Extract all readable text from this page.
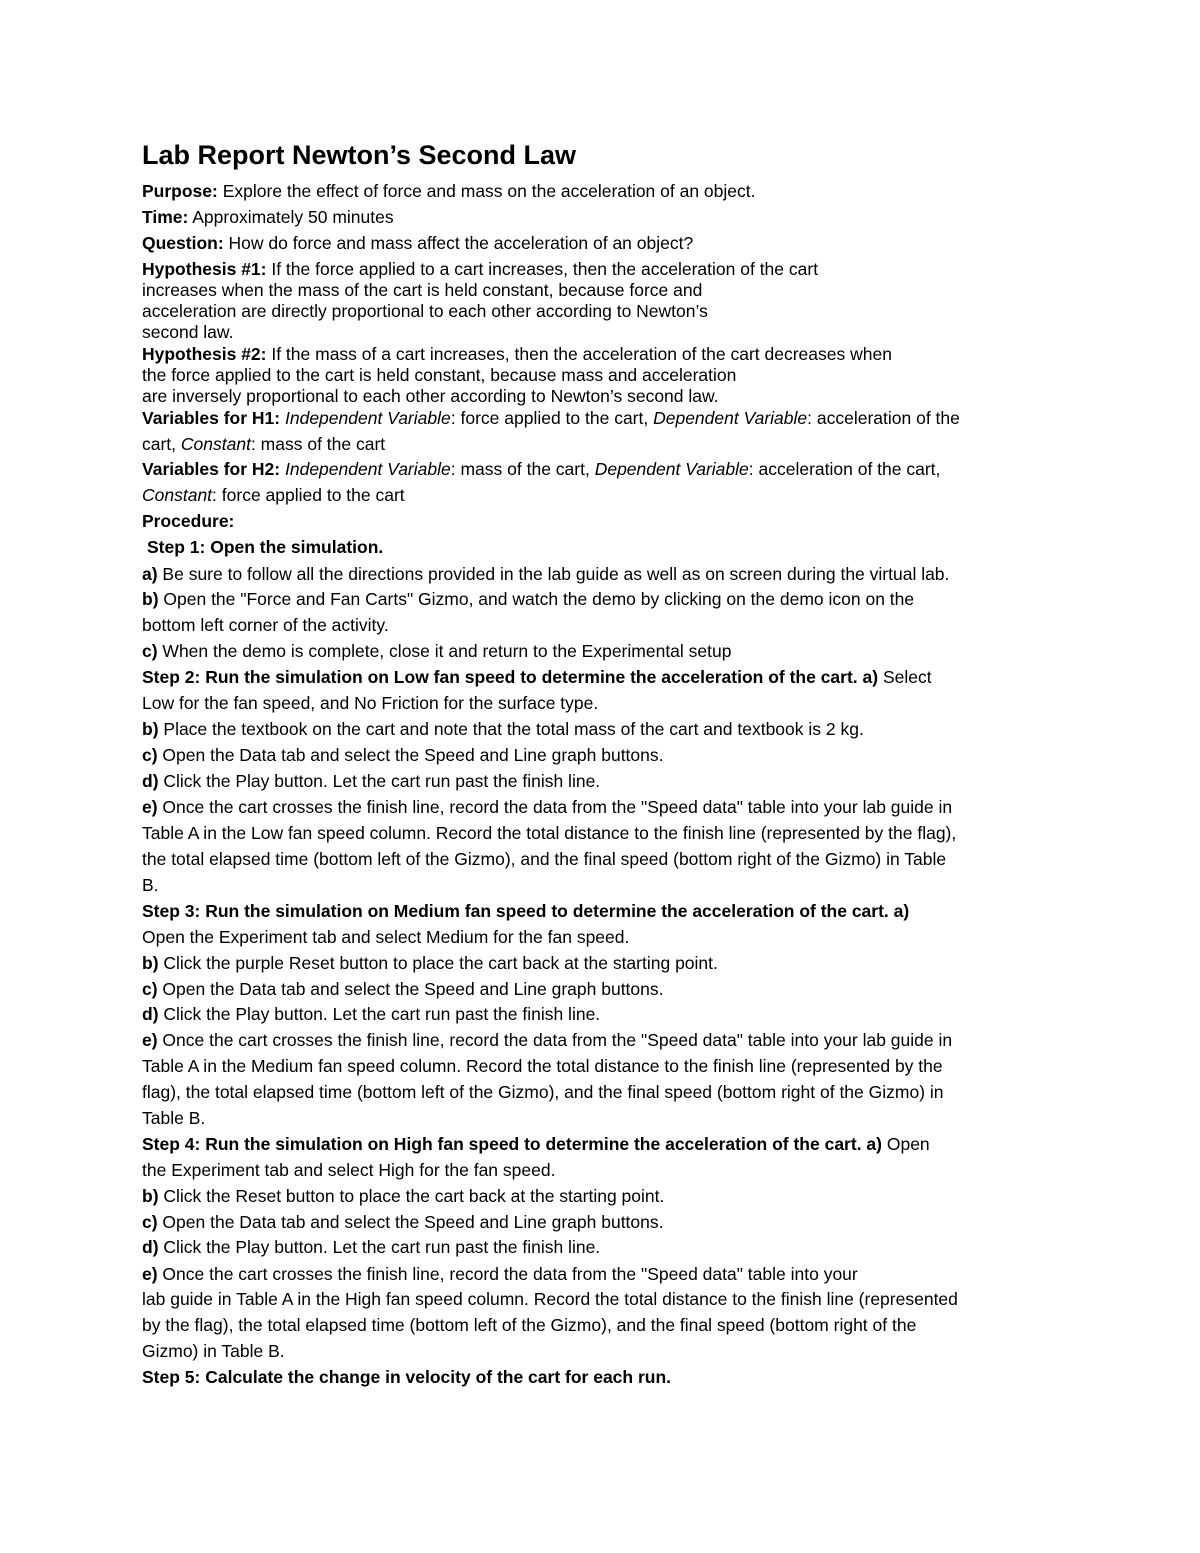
Lab Report Newton’s Second Law
Purpose: Explore the effect of force and mass on the acceleration of an object.
Time: Approximately 50 minutes
Question: How do force and mass affect the acceleration of an object?
Hypothesis #1: If the force applied to a cart increases, then the acceleration of the cart
increases when the mass of the cart is held constant, because force and
acceleration are directly proportional to each other according to Newton’s
second law.
Hypothesis #2: If the mass of a cart increases, then the acceleration of the cart decreases when
the force applied to the cart is held constant, because mass and acceleration
are inversely proportional to each other according to Newton’s second law.
Variables for H1: Independent Variable: force applied to the cart, Dependent Variable: acceleration of the
cart, Constant: mass of the cart
Variables for H2: Independent Variable: mass of the cart, Dependent Variable: acceleration of the cart,
Constant: force applied to the cart
Procedure:
Step 1: Open the simulation.
a) Be sure to follow all the directions provided in the lab guide as well as on screen during the virtual lab.
b) Open the "Force and Fan Carts" Gizmo, and watch the demo by clicking on the demo icon on the
bottom left corner of the activity.
c) When the demo is complete, close it and return to the Experimental setup
Step 2: Run the simulation on Low fan speed to determine the acceleration of the cart. a) Select
Low for the fan speed, and No Friction for the surface type.
b) Place the textbook on the cart and note that the total mass of the cart and textbook is 2 kg.
c) Open the Data tab and select the Speed and Line graph buttons.
d) Click the Play button. Let the cart run past the finish line.
e) Once the cart crosses the finish line, record the data from the "Speed data" table into your lab guide in
Table A in the Low fan speed column. Record the total distance to the finish line (represented by the flag),
the total elapsed time (bottom left of the Gizmo), and the final speed (bottom right of the Gizmo) in Table
B.
Step 3: Run the simulation on Medium fan speed to determine the acceleration of the cart. a)
Open the Experiment tab and select Medium for the fan speed.
b) Click the purple Reset button to place the cart back at the starting point.
c) Open the Data tab and select the Speed and Line graph buttons.
d) Click the Play button. Let the cart run past the finish line.
e) Once the cart crosses the finish line, record the data from the "Speed data" table into your lab guide in
Table A in the Medium fan speed column. Record the total distance to the finish line (represented by the
flag), the total elapsed time (bottom left of the Gizmo), and the final speed (bottom right of the Gizmo) in
Table B.
Step 4: Run the simulation on High fan speed to determine the acceleration of the cart. a) Open
the Experiment tab and select High for the fan speed.
b) Click the Reset button to place the cart back at the starting point.
c) Open the Data tab and select the Speed and Line graph buttons.
d) Click the Play button. Let the cart run past the finish line.
e) Once the cart crosses the finish line, record the data from the "Speed data" table into your
lab guide in Table A in the High fan speed column. Record the total distance to the finish line (represented
by the flag), the total elapsed time (bottom left of the Gizmo), and the final speed (bottom right of the
Gizmo) in Table B.
Step 5: Calculate the change in velocity of the cart for each run.
